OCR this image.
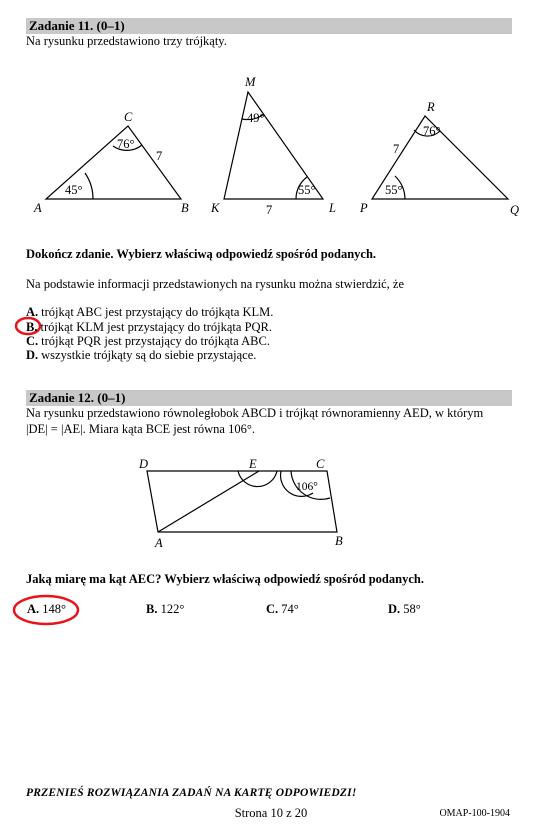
Zadanie 11. (0–1)
Na rysunku przedstawiono trzy trójkąty.
A	B
C
45°
76°
7
K	L
M
49°
55°
7	P	Q
R
76°
55°
7
D	E	C
A	B
106°
Dokończ zdanie. Wybierz właściwą odpowiedź spośród podanych.
Na podstawie informacji przedstawionych na rysunku można stwierdzić, że
A. trójkąt ABC jest przystający do trójkąta KLM.
B. trójkąt KLM jest przystający do trójkąta PQR.
C. trójkąt PQR jest przystający do trójkąta ABC.
D. wszystkie trójkąty są do siebie przystające.
Zadanie 12. (0–1)
Na rysunku przedstawiono równoległobok ABCD i trójkąt równoramienny AED, w którym
|DE| = |AE|. Miara kąta BCE jest równa 106°.
Jaką miarę ma kąt AEC? Wybierz właściwą odpowiedź spośród podanych.
A. 148°	B. 122°	C. 74°	D. 58°
PRZENIEŚ ROZWIĄZANIA ZADAŃ NA KARTĘ ODPOWIEDZI!
Strona 10 z 20	OMAP-100-1904
